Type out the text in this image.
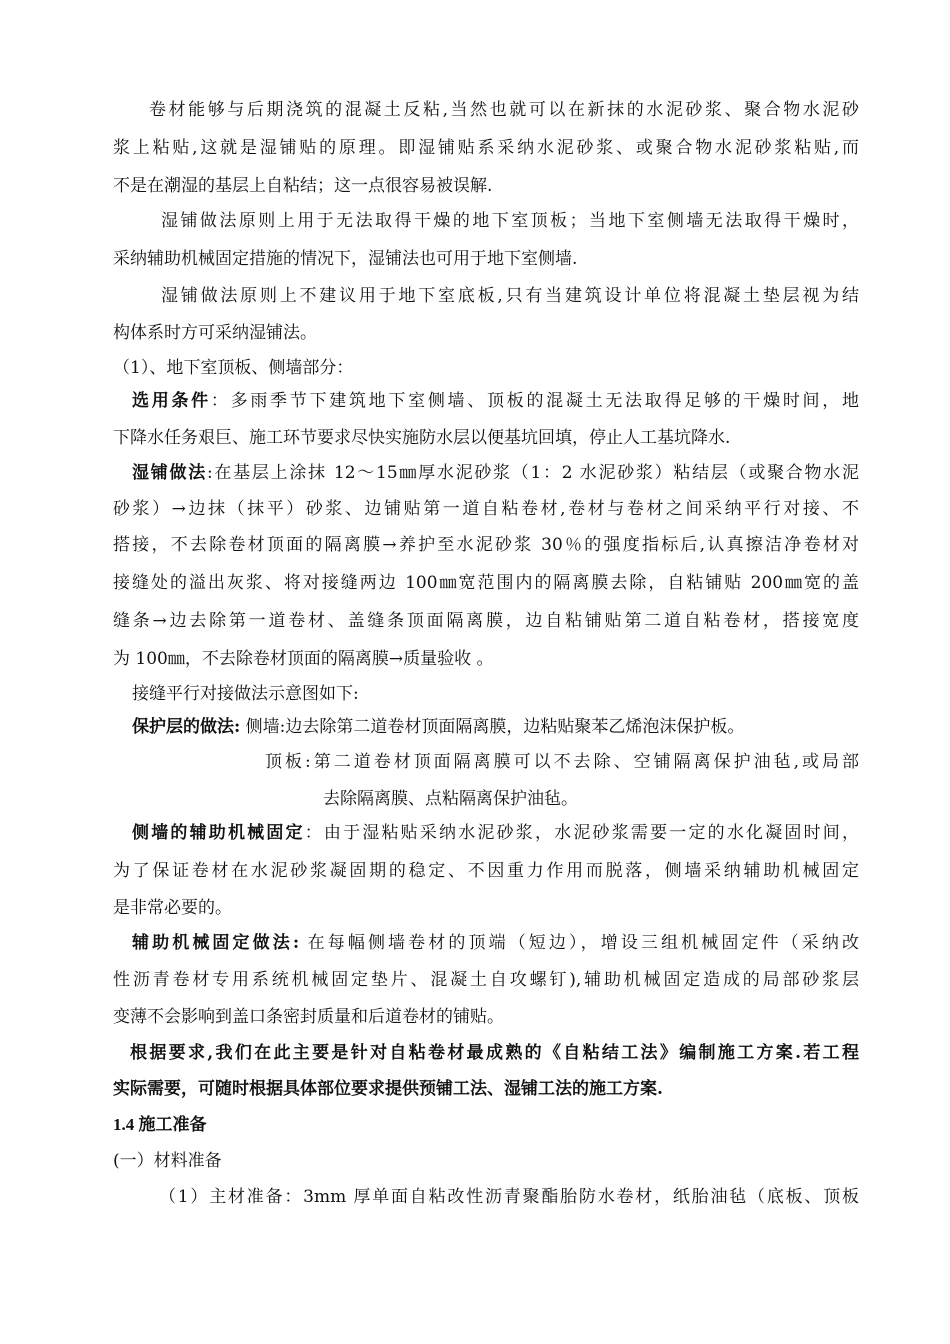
卷材能够与后期浇筑的混凝土反粘,当然也就可以在新抹的水泥砂浆、聚合物水泥砂
浆上粘贴,这就是湿铺贴的原理。即湿铺贴系采纳水泥砂浆、或聚合物水泥砂浆粘贴,而
不是在潮湿的基层上自粘结；这一点很容易被误解.
湿铺做法原则上用于无法取得干燥的地下室顶板；当地下室侧墙无法取得干燥时，
采纳辅助机械固定措施的情况下，湿铺法也可用于地下室侧墙.
湿铺做法原则上不建议用于地下室底板,只有当建筑设计单位将混凝土垫层视为结
构体系时方可采纳湿铺法。
（1）、地下室顶板、侧墙部分：
选用条件：多雨季节下建筑地下室侧墙、顶板的混凝土无法取得足够的干燥时间，地
下降水任务艰巨、施工环节要求尽快实施防水层以便基坑回填，停止人工基坑降水.
湿铺做法:在基层上涂抹 12～15㎜厚水泥砂浆（1：2 水泥砂浆）粘结层（或聚合物水泥
砂浆）→边抹（抹平）砂浆、边铺贴第一道自粘卷材,卷材与卷材之间采纳平行对接、不
搭接，不去除卷材顶面的隔离膜→养护至水泥砂浆 30％的强度指标后,认真擦洁净卷材对
接缝处的溢出灰浆、将对接缝两边 100㎜宽范围内的隔离膜去除，自粘铺贴 200㎜宽的盖
缝条→边去除第一道卷材、盖缝条顶面隔离膜，边自粘铺贴第二道自粘卷材，搭接宽度
为 100㎜，不去除卷材顶面的隔离膜→质量验收 。
接缝平行对接做法示意图如下:
保护层的做法: 侧墙:边去除第二道卷材顶面隔离膜，边粘贴聚苯乙烯泡沫保护板。
顶板:第二道卷材顶面隔离膜可以不去除、空铺隔离保护油毡,或局部
去除隔离膜、点粘隔离保护油毡。
侧墙的辅助机械固定：由于湿粘贴采纳水泥砂浆，水泥砂浆需要一定的水化凝固时间，
为了保证卷材在水泥砂浆凝固期的稳定、不因重力作用而脱落，侧墙采纳辅助机械固定
是非常必要的。
辅助机械固定做法: 在每幅侧墙卷材的顶端（短边），增设三组机械固定件（采纳改
性沥青卷材专用系统机械固定垫片、混凝土自攻螺钉),辅助机械固定造成的局部砂浆层
变薄不会影响到盖口条密封质量和后道卷材的铺贴。
根据要求,我们在此主要是针对自粘卷材最成熟的《自粘结工法》编制施工方案.若工程
实际需要，可随时根据具体部位要求提供预铺工法、湿铺工法的施工方案.
1.4 施工准备
(一）材料准备
（1）主材准备：3mm 厚单面自粘改性沥青聚酯胎防水卷材，纸胎油毡（底板、顶板
